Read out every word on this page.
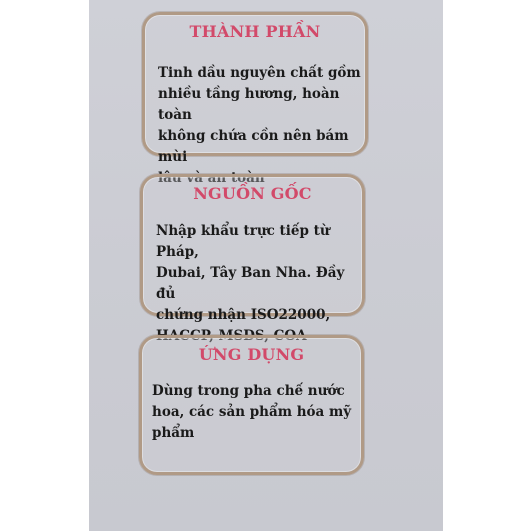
THÀNH PHẦN
Tinh dầu nguyên chất gồm
nhiều tầng hương, hoàn toàn
không chứa cồn nên bám mùi
lâu và an toàn
NGUỒN GỐC
Nhập khẩu trực tiếp từ Pháp,
Dubai, Tây Ban Nha. Đầy đủ
chứng nhận ISO22000,
HACCP, MSDS, COA
ỨNG DỤNG
Dùng trong pha chế nước
hoa, các sản phẩm hóa mỹ
phẩm
